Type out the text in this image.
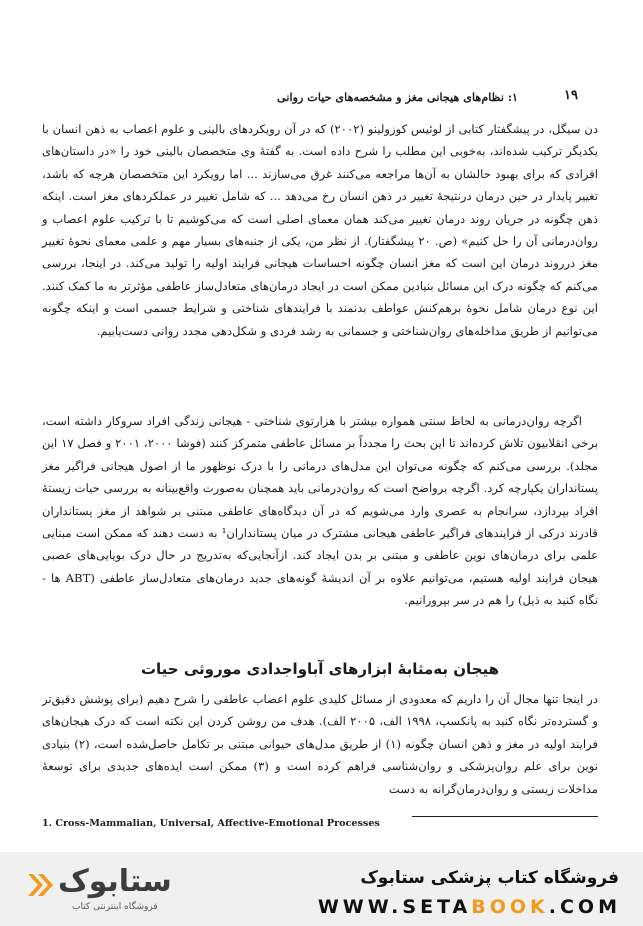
۱۹
۱: نظام‌های هیجانی مغز و مشخصه‌های حیات روانی

دن سیگل، در پیشگفتار کتابی از لوئیس کوزولینو (۲۰۰۲) که در آن رویکردهای بالینی و علوم اعصاب به ذهن انسان با یکدیگر ترکیب شده‌اند، به‌خوبی این مطلب را شرح داده است. به گفتهٔ وی متخصصان بالینی خود را «در داستان‌های افرادی که برای بهبود حالشان به آن‌ها مراجعه می‌کنند غرق می‌سازند ... اما رویکرد این متخصصان هرچه که باشد، تغییر پایدار در حین درمان درنتیجهٔ تغییر در ذهن انسان رخ می‌دهد ... که شامل تغییر در عملکردهای مغز است. اینکه ذهن چگونه در جریان روند درمان تغییر می‌کند همان معمای اصلی است که می‌کوشیم تا با ترکیب علوم اعصاب و روان‌درمانی آن را حل کنیم» (ص. ۲۰ پیشگفتار). از نظر من، یکی از جنبه‌های بسیار مهم و علمی معمای نحوهٔ تغییر مغز درروند درمان این است که مغز انسان چگونه احساسات هیجانی فرایند اولیه را تولید می‌کند. در اینجا، بررسی می‌کنم که چگونه درک این مسائل بنیادین ممکن است در ایجاد درمان‌های متعادل‌ساز عاطفی مؤثرتر به ما کمک کنند. این نوع درمان شامل نحوهٔ برهم‌کنش عواطف بدنمند با فرایندهای شناختی و شرایط جسمی است و اینکه چگونه می‌توانیم از طریق مداخله‌های روان‌شناختی و جسمانی به رشد فردی و شکل‌دهی مجدد روانی دست‌یابیم.

اگرچه روان‌درمانی به لحاظ سنتی همواره بیشتر با هزارتوی شناختی - هیجانی زندگی افراد سروکار داشته است، برخی انقلابیون تلاش کرده‌اند تا این بحث را مجدداً بر مسائل عاطفی متمرکز کنند (فوشا ۲۰۰۰، ۲۰۰۱ و فصل ۱۷ این مجلد). بررسی می‌کنم که چگونه می‌توان این مدل‌های درمانی را با درک نوظهور ما از اصول هیجانی فراگیر مغز پستانداران یکپارچه کرد. اگرچه برواضح است که روان‌درمانی باید همچنان به‌صورت واقع‌بینانه به بررسی حیات زیستهٔ افراد بپردازد، سرانجام به عصری وارد می‌شویم که در آن دیدگاه‌های عاطفی مبتنی بر شواهد از مغز پستانداران قادرند درکی از فرایندهای فراگیر عاطفی هیجانی مشترک در میان پستانداران¹ به دست دهند که ممکن است مبنایی علمی برای درمان‌های نوین عاطفی و مبتنی بر بدن ایجاد کند. ازآنجایی‌که به‌تدریج در حال درک بویایی‌های عصبی هیجان فرایند اولیه هستیم، می‌توانیم علاوه بر آن اندیشهٔ گونه‌های جدید درمان‌های متعادل‌ساز عاطفی (ABT ها - نگاه کنید به ذیل) را هم در سر بپرورانیم.

هیجان به‌مثابهٔ ابزارهای آباواجدادی موروثی حیات

در اینجا تنها مجال آن را داریم که معدودی از مسائل کلیدی علوم اعصاب عاطفی را شرح دهیم (برای پوشش دقیق‌تر و گسترده‌تر نگاه کنید به پانکسپ، ۱۹۹۸ الف، ۲۰۰۵ الف). هدف من روشن کردن این نکته است که درک هیجان‌های فرایند اولیه در مغز و ذهن انسان چگونه (۱) از طریق مدل‌های حیوانی مبتنی بر تکامل حاصل‌شده است، (۲) بنیادی نوین برای علم روان‌پزشکی و روان‌شناسی فراهم کرده است و (۳) ممکن است ایده‌های جدیدی برای توسعهٔ مداخلات زیستی و روان‌درمان‌گرانه به دست

1. Cross-Mammalian, Universal, Affective-Emotional Processes
ستابوک
فروشگاه اینترنتی کتاب
فروشگاه کتاب پزشکی ستابوک
WWW.SETABOOK.COM
